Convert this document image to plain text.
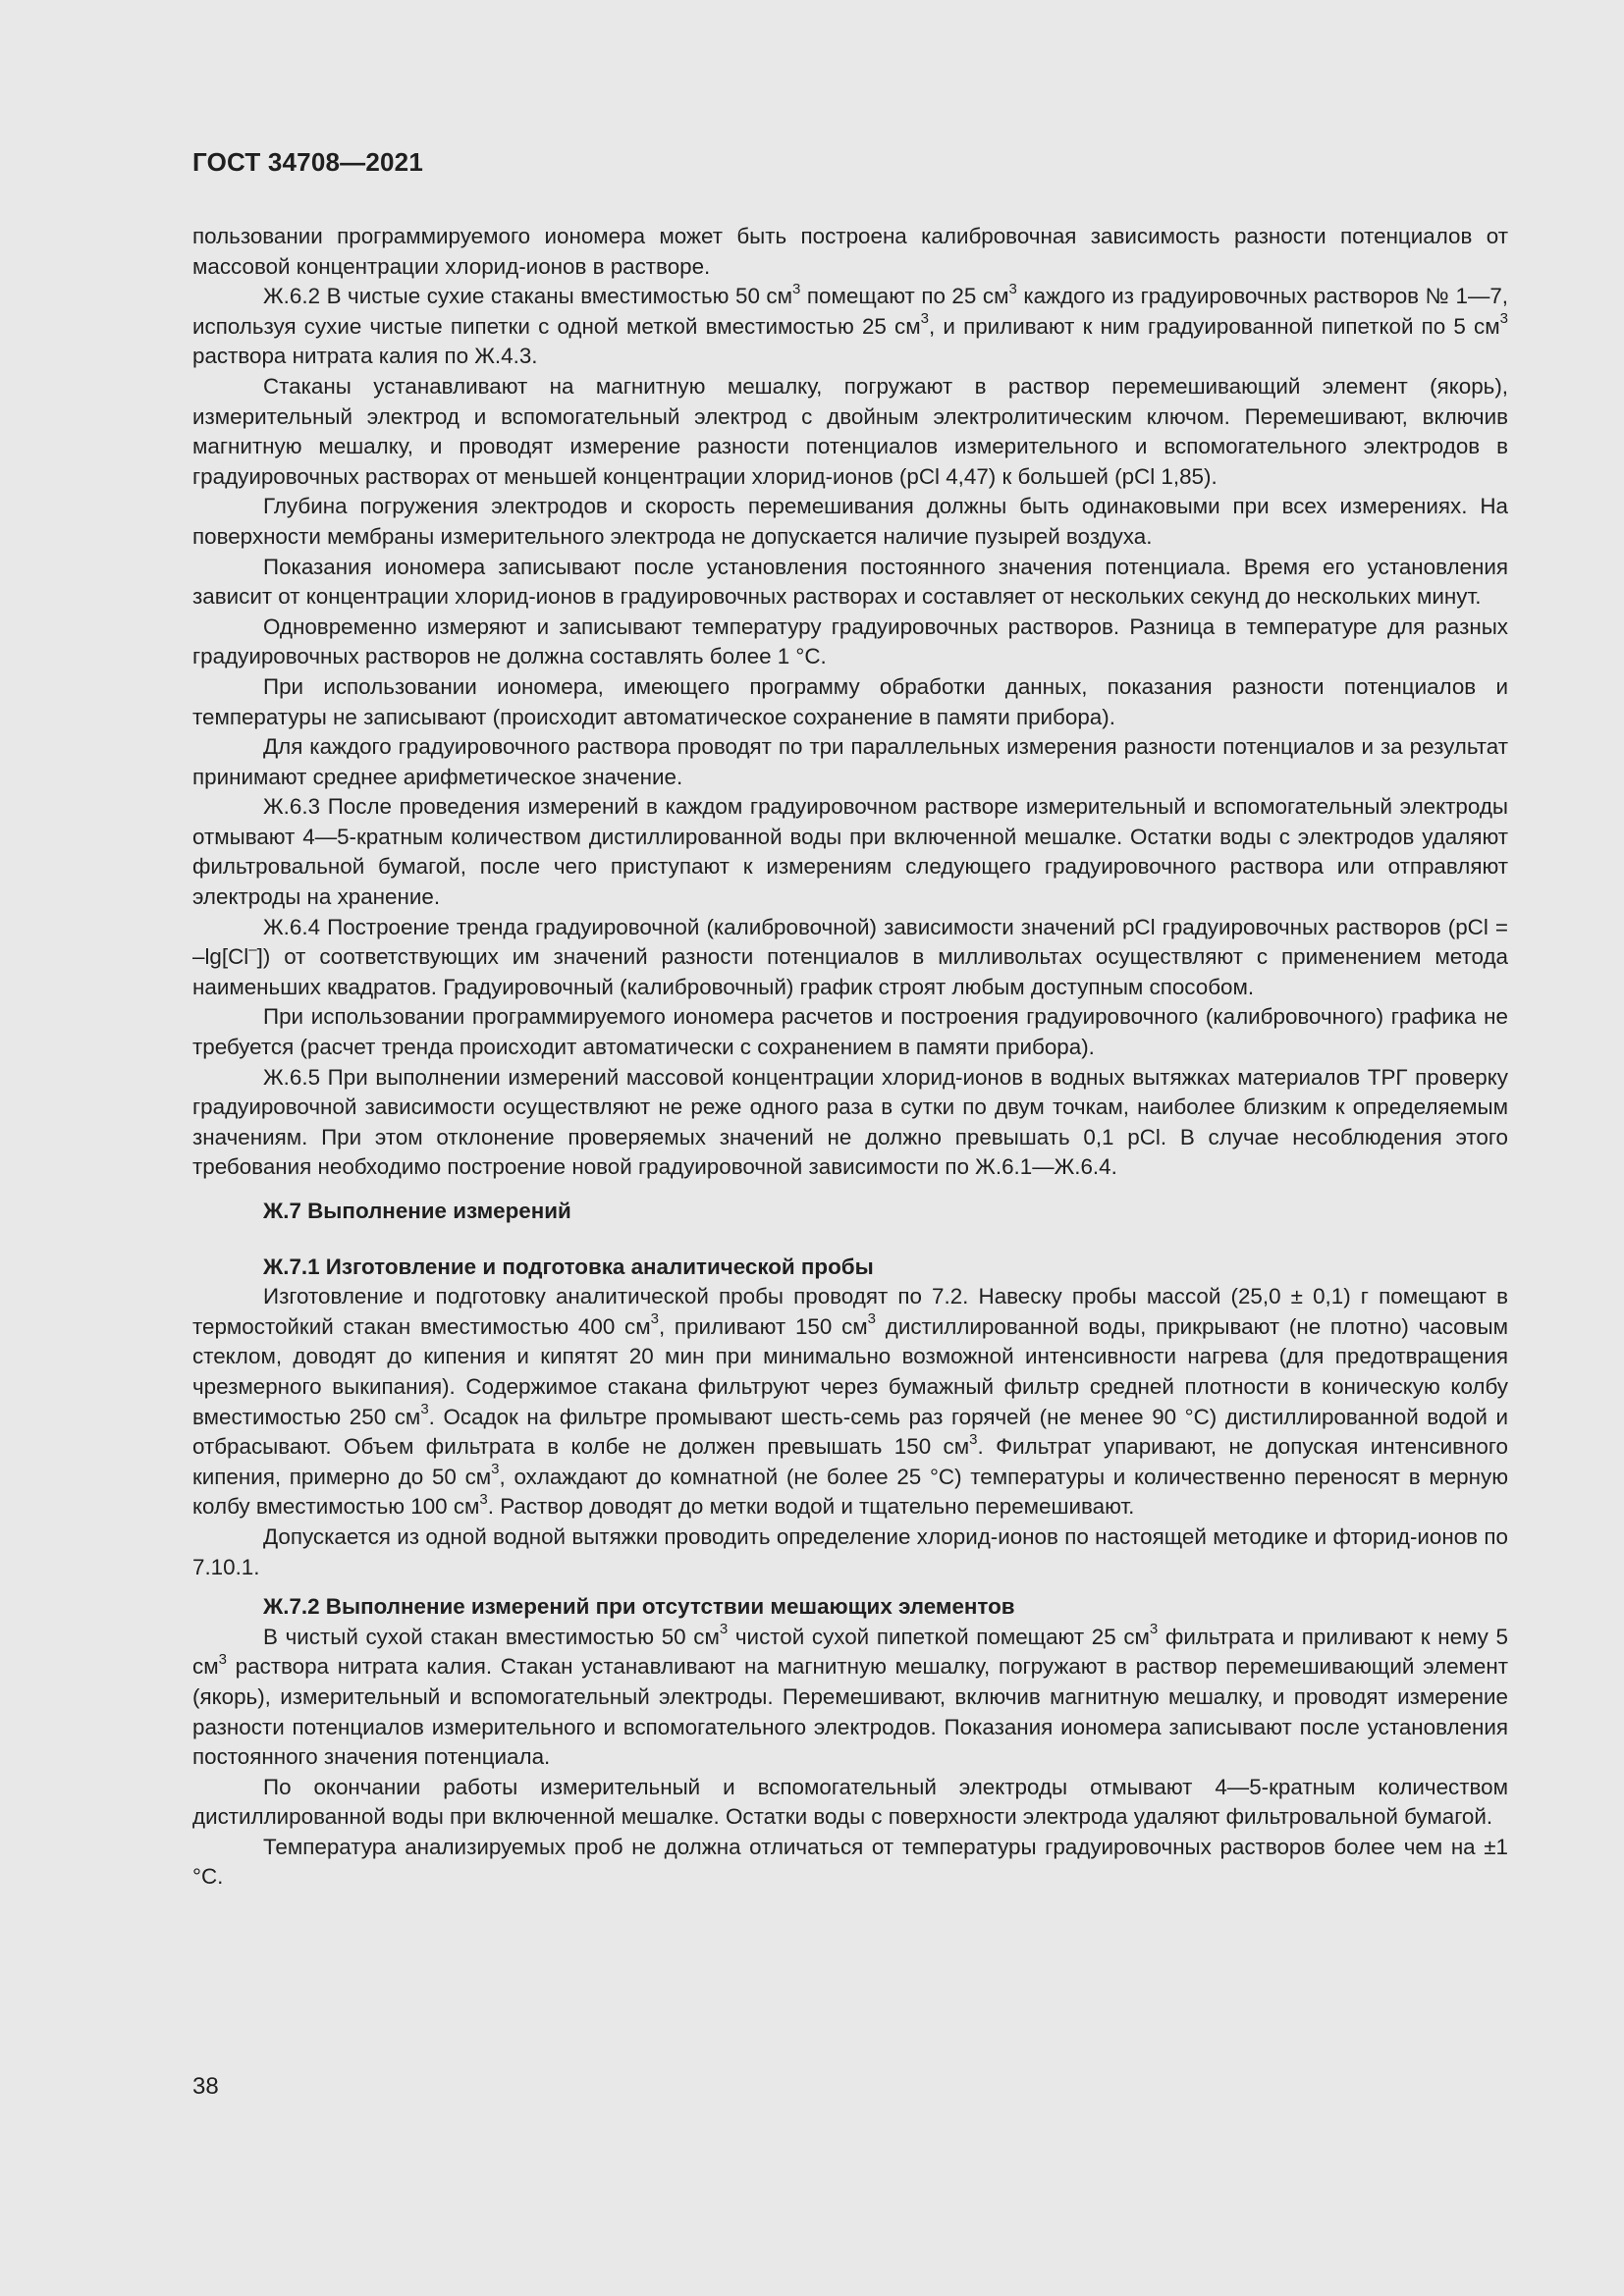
ГОСТ 34708—2021

пользовании программируемого иономера может быть построена калибровочная зависимость разности потенциалов от массовой концентрации хлорид-ионов в растворе.

Ж.6.2 В чистые сухие стаканы вместимостью 50 $см^3$ помещают по 25 $см^3$ каждого из градуировочных растворов № 1—7, используя сухие чистые пипетки с одной меткой вместимостью 25 $см^3$, и приливают к ним градуированной пипеткой по 5 $см^3$ раствора нитрата калия по Ж.4.3.

Стаканы устанавливают на магнитную мешалку, погружают в раствор перемешивающий элемент (якорь), измерительный электрод и вспомогательный электрод с двойным электролитическим ключом. Перемешивают, включив магнитную мешалку, и проводят измерение разности потенциалов измерительного и вспомогательного электродов в градуировочных растворах от меньшей концентрации хлорид-ионов (pCl 4,47) к большей (pCl 1,85).

Глубина погружения электродов и скорость перемешивания должны быть одинаковыми при всех измерениях. На поверхности мембраны измерительного электрода не допускается наличие пузырей воздуха.

Показания иономера записывают после установления постоянного значения потенциала. Время его установления зависит от концентрации хлорид-ионов в градуировочных растворах и составляет от нескольких секунд до нескольких минут.

Одновременно измеряют и записывают температуру градуировочных растворов. Разница в температуре для разных градуировочных растворов не должна составлять более 1 °С.

При использовании иономера, имеющего программу обработки данных, показания разности потенциалов и температуры не записывают (происходит автоматическое сохранение в памяти прибора).

Для каждого градуировочного раствора проводят по три параллельных измерения разности потенциалов и за результат принимают среднее арифметическое значение.

Ж.6.3 После проведения измерений в каждом градуировочном растворе измерительный и вспомогательный электроды отмывают 4—5-кратным количеством дистиллированной воды при включенной мешалке. Остатки воды с электродов удаляют фильтровальной бумагой, после чего приступают к измерениям следующего градуировочного раствора или отправляют электроды на хранение.

Ж.6.4 Построение тренда градуировочной (калибровочной) зависимости значений pCl градуировочных растворов (pCl = –lg[Cl–]) от соответствующих им значений разности потенциалов в милливольтах осуществляют с применением метода наименьших квадратов. Градуировочный (калибровочный) график строят любым доступным способом.

При использовании программируемого иономера расчетов и построения градуировочного (калибровочного) графика не требуется (расчет тренда происходит автоматически с сохранением в памяти прибора).

Ж.6.5 При выполнении измерений массовой концентрации хлорид-ионов в водных вытяжках материалов ТРГ проверку градуировочной зависимости осуществляют не реже одного раза в сутки по двум точкам, наиболее близким к определяемым значениям. При этом отклонение проверяемых значений не должно превышать 0,1 pCl. В случае несоблюдения этого требования необходимо построение новой градуировочной зависимости по Ж.6.1—Ж.6.4.

Ж.7 Выполнение измерений
Ж.7.1 Изготовление и подготовка аналитической пробы

Изготовление и подготовку аналитической пробы проводят по 7.2. Навеску пробы массой (25,0 ± 0,1) г помещают в термостойкий стакан вместимостью 400 $см^3$, приливают 150 $см^3$ дистиллированной воды, прикрывают (не плотно) часовым стеклом, доводят до кипения и кипятят 20 мин при минимально возможной интенсивности нагрева (для предотвращения чрезмерного выкипания). Содержимое стакана фильтруют через бумажный фильтр средней плотности в коническую колбу вместимостью 250 $см^3$. Осадок на фильтре промывают шесть-семь раз горячей (не менее 90 °С) дистиллированной водой и отбрасывают. Объем фильтрата в колбе не должен превышать 150 $см^3$. Фильтрат упаривают, не допуская интенсивного кипения, примерно до 50 $см^3$, охлаждают до комнатной (не более 25 °С) температуры и количественно переносят в мерную колбу вместимостью 100 $см^3$. Раствор доводят до метки водой и тщательно перемешивают.

Допускается из одной водной вытяжки проводить определение хлорид-ионов по настоящей методике и фторид-ионов по 7.10.1.

Ж.7.2 Выполнение измерений при отсутствии мешающих элементов

В чистый сухой стакан вместимостью 50 $см^3$ чистой сухой пипеткой помещают 25 $см^3$ фильтрата и приливают к нему 5 $см^3$ раствора нитрата калия. Стакан устанавливают на магнитную мешалку, погружают в раствор перемешивающий элемент (якорь), измерительный и вспомогательный электроды. Перемешивают, включив магнитную мешалку, и проводят измерение разности потенциалов измерительного и вспомогательного электродов. Показания иономера записывают после установления постоянного значения потенциала.

По окончании работы измерительный и вспомогательный электроды отмывают 4—5-кратным количеством дистиллированной воды при включенной мешалке. Остатки воды с поверхности электрода удаляют фильтровальной бумагой.

Температура анализируемых проб не должна отличаться от температуры градуировочных растворов более чем на ±1 °С.

38
